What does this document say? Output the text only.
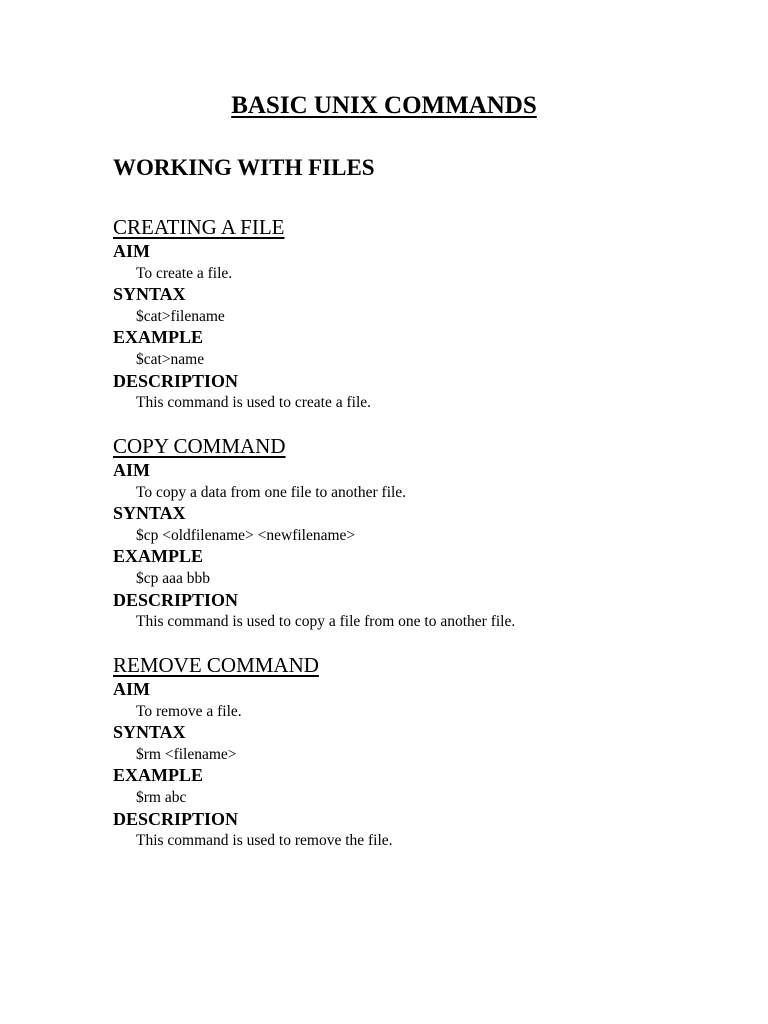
BASIC UNIX COMMANDS
WORKING WITH FILES
CREATING A FILE
AIM
To create a file.
SYNTAX
$cat>filename
EXAMPLE
$cat>name
DESCRIPTION
This command is used to create a file.
COPY COMMAND
AIM
To copy a data from one file to another file.
SYNTAX
$cp <oldfilename> <newfilename>
EXAMPLE
$cp aaa bbb
DESCRIPTION
This command is used to copy a file from one to another file.
REMOVE COMMAND
AIM
To remove a file.
SYNTAX
$rm <filename>
EXAMPLE
$rm abc
DESCRIPTION
This command is used to remove the file.
